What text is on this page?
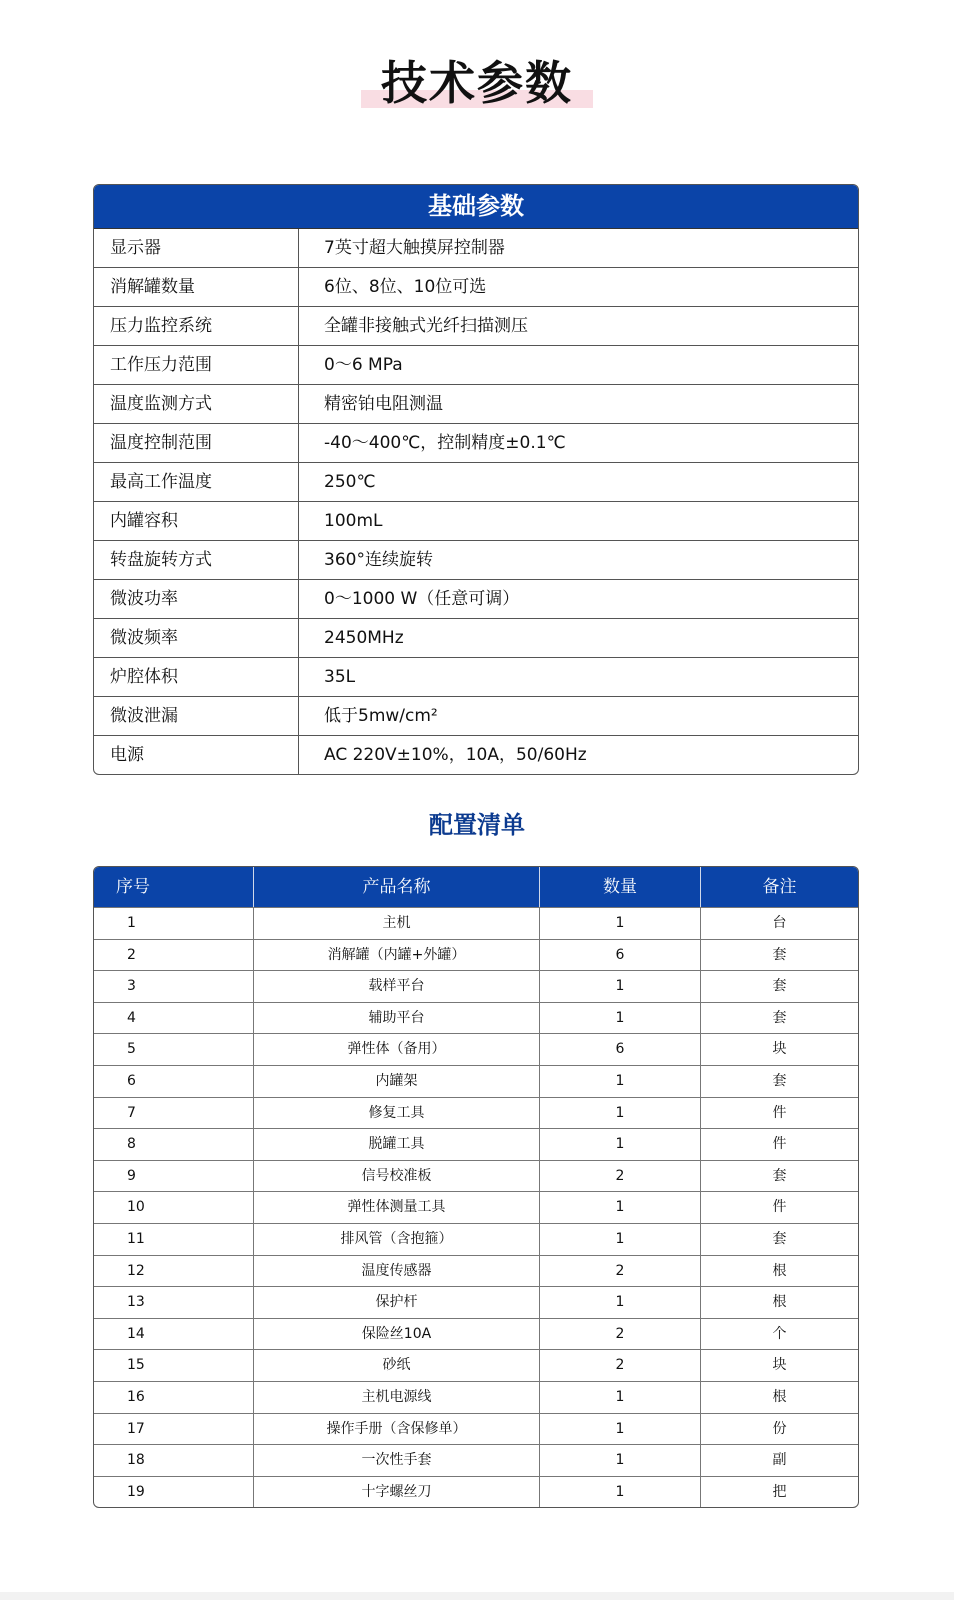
技术参数
基础参数
显示器	7英寸超大触摸屏控制器
消解罐数量	6位、8位、10位可选
压力监控系统	全罐非接触式光纤扫描测压
工作压力范围	0～6 MPa
温度监测方式	精密铂电阻测温
温度控制范围	-40～400℃，控制精度±0.1℃
最高工作温度	250℃
内罐容积	100mL
转盘旋转方式	360°连续旋转
微波功率	0～1000 W（任意可调）
微波频率	2450MHz
炉腔体积	35L
微波泄漏	低于5mw/cm²
电源	AC 220V±10%，10A，50/60Hz
配置清单
序号	产品名称	数量	备注
1	主机	1	台
2	消解罐（内罐+外罐）	6	套
3	载样平台	1	套
4	辅助平台	1	套
5	弹性体（备用）	6	块
6	内罐架	1	套
7	修复工具	1	件
8	脱罐工具	1	件
9	信号校准板	2	套
10	弹性体测量工具	1	件
11	排风管（含抱箍）	1	套
12	温度传感器	2	根
13	保护杆	1	根
14	保险丝10A	2	个
15	砂纸	2	块
16	主机电源线	1	根
17	操作手册（含保修单）	1	份
18	一次性手套	1	副
19	十字螺丝刀	1	把
